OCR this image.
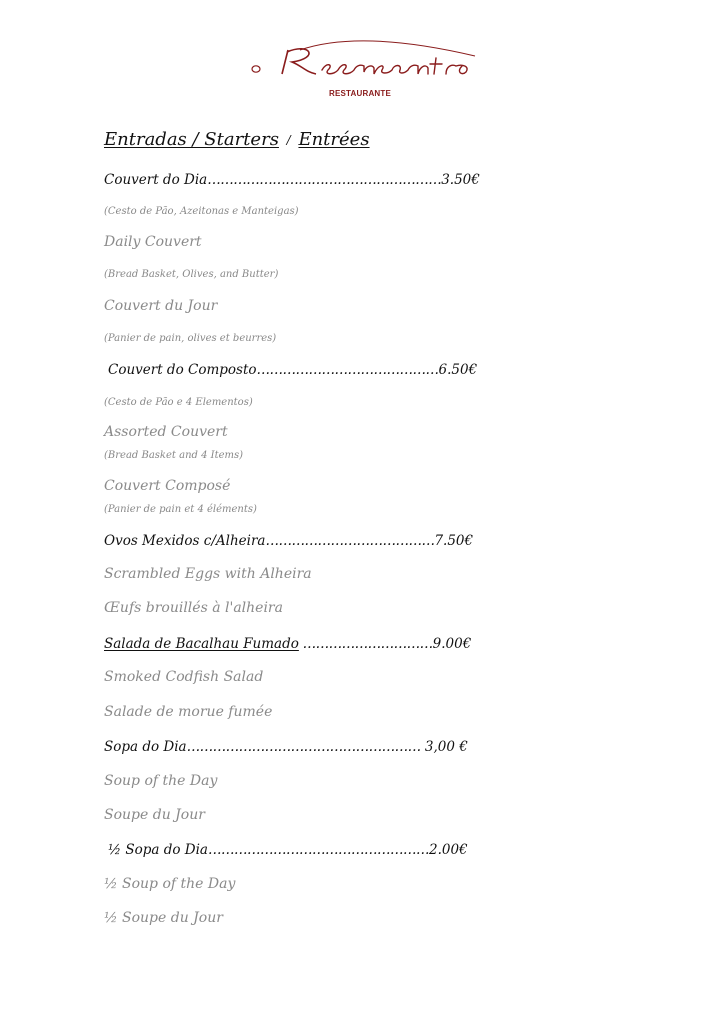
RESTAURANTE
Entradas / Starters / Entrées
Couvert do Dia………………………………………………3.50€
(Cesto de Pão, Azeitonas e Manteigas)
Daily Couvert
(Bread Basket, Olives, and Butter)
Couvert du Jour
(Panier de pain, olives et beurres)
Couvert do Composto……………………………………6.50€
(Cesto de Pão e 4 Elementos)
Assorted Couvert
(Bread Basket and 4 Items)
Couvert Composé
(Panier de pain et 4 éléments)
Ovos Mexidos c/Alheira…………………………………7.50€
Scrambled Eggs with Alheira
Œufs brouillés à l'alheira
Salada de Bacalhau Fumado …………………………9.00€
Smoked Codfish Salad
Salade de morue fumée
Sopa do Dia……………………………………………… 3,00 €
Soup of the Day
Soupe du Jour
½ Sopa do Dia……………………………………………2.00€
½ Soup of the Day
½ Soupe du Jour
